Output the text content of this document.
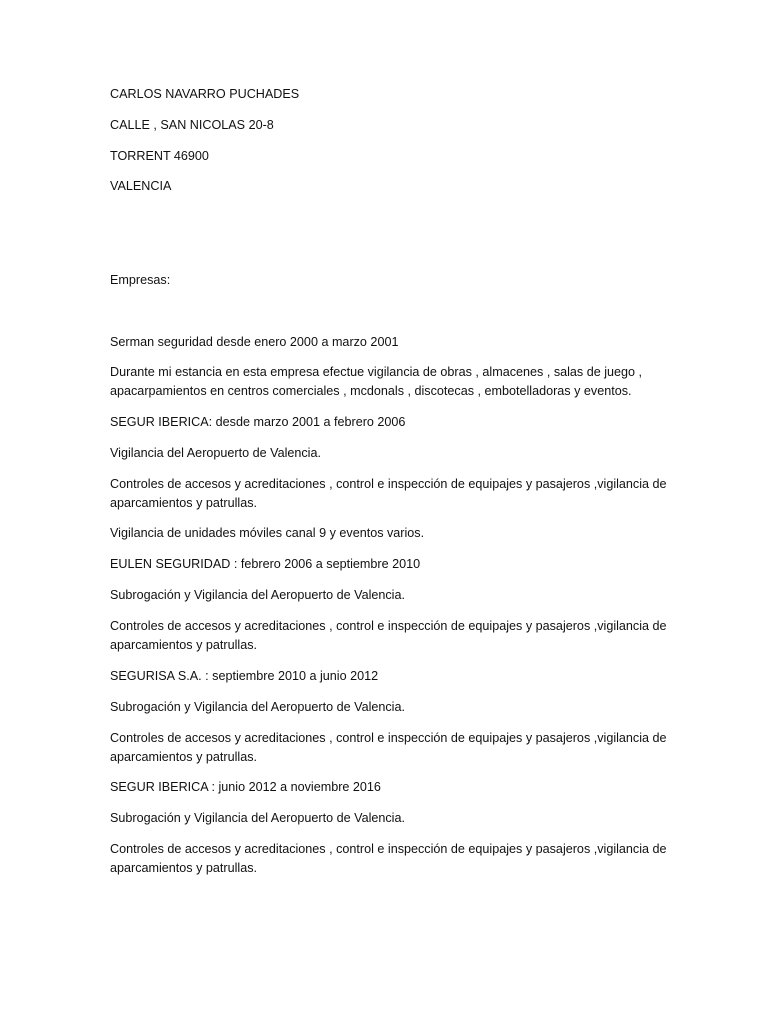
CARLOS NAVARRO PUCHADES

CALLE , SAN NICOLAS 20-8

TORRENT 46900

VALENCIA

Empresas:

Serman seguridad desde enero 2000 a marzo 2001

Durante mi estancia en esta empresa efectue vigilancia de obras , almacenes , salas de juego , apacarpamientos en centros comerciales , mcdonals , discotecas , embotelladoras y eventos.

SEGUR IBERICA: desde marzo 2001 a febrero 2006

Vigilancia del Aeropuerto de Valencia.

Controles de accesos y acreditaciones , control e inspección de equipajes y pasajeros ,vigilancia de aparcamientos y patrullas.

Vigilancia de unidades móviles canal 9 y eventos varios.

EULEN SEGURIDAD : febrero 2006 a septiembre 2010

Subrogación y Vigilancia del Aeropuerto de Valencia.

Controles de accesos y acreditaciones , control e inspección de equipajes y pasajeros ,vigilancia de aparcamientos y patrullas.

SEGURISA S.A. : septiembre 2010 a junio 2012

Subrogación y Vigilancia del Aeropuerto de Valencia.

Controles de accesos y acreditaciones , control e inspección de equipajes y pasajeros ,vigilancia de aparcamientos y patrullas.

SEGUR IBERICA : junio 2012 a noviembre 2016

Subrogación y Vigilancia del Aeropuerto de Valencia.

Controles de accesos y acreditaciones , control e inspección de equipajes y pasajeros ,vigilancia de aparcamientos y patrullas.
